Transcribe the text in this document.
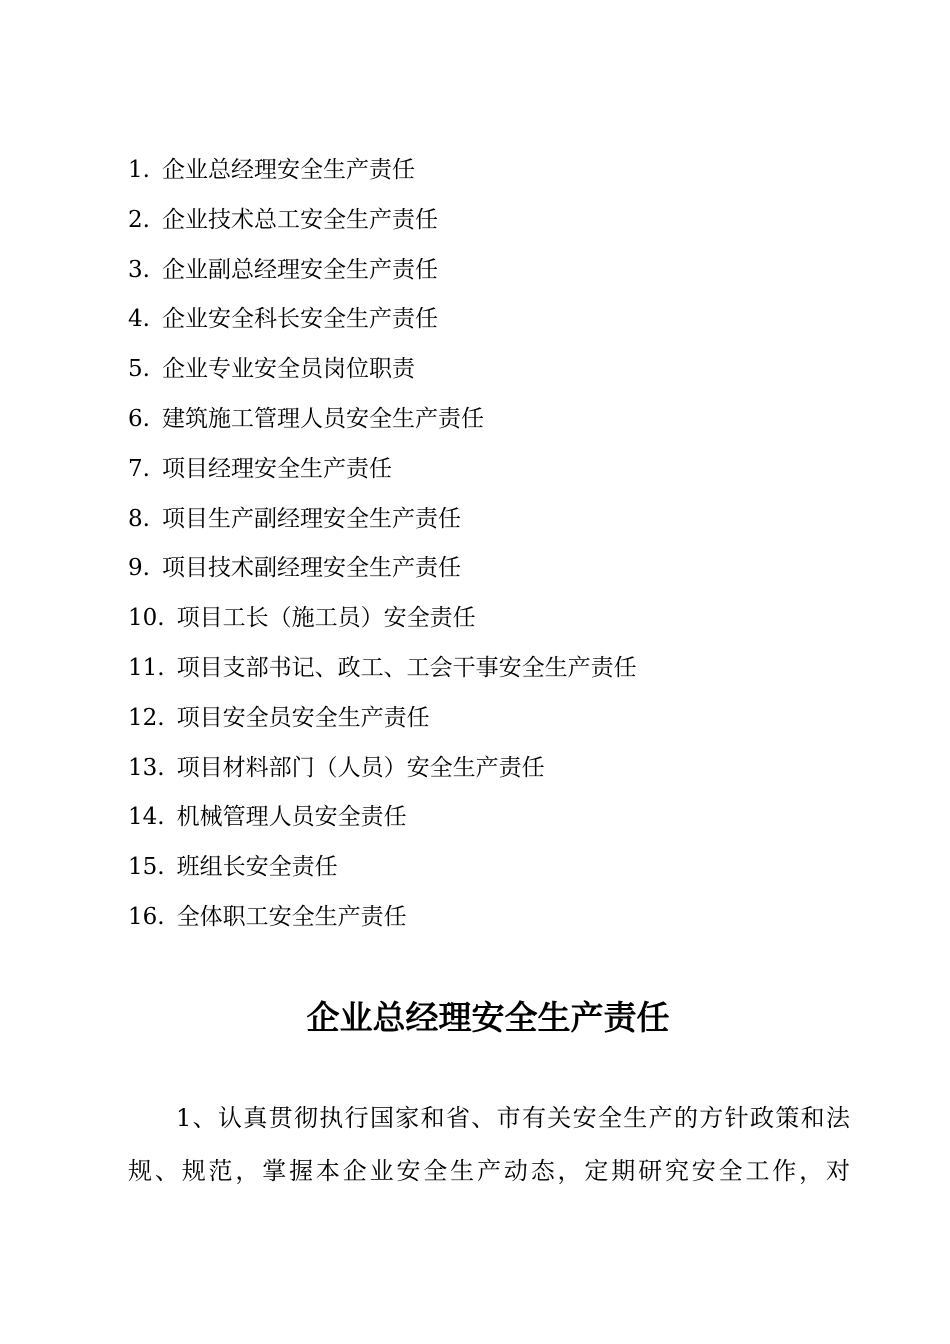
1. 企业总经理安全生产责任
2. 企业技术总工安全生产责任
3. 企业副总经理安全生产责任
4. 企业安全科长安全生产责任
5. 企业专业安全员岗位职责
6. 建筑施工管理人员安全生产责任
7. 项目经理安全生产责任
8. 项目生产副经理安全生产责任
9. 项目技术副经理安全生产责任
10. 项目工长（施工员）安全责任
11. 项目支部书记、政工、工会干事安全生产责任
12. 项目安全员安全生产责任
13. 项目材料部门（人员）安全生产责任
14. 机械管理人员安全责任
15. 班组长安全责任
16. 全体职工安全生产责任
企业总经理安全生产责任

1、认真贯彻执行国家和省、市有关安全生产的方针政策和法规、规范，掌握本企业安全生产动态，定期研究安全工作，对
